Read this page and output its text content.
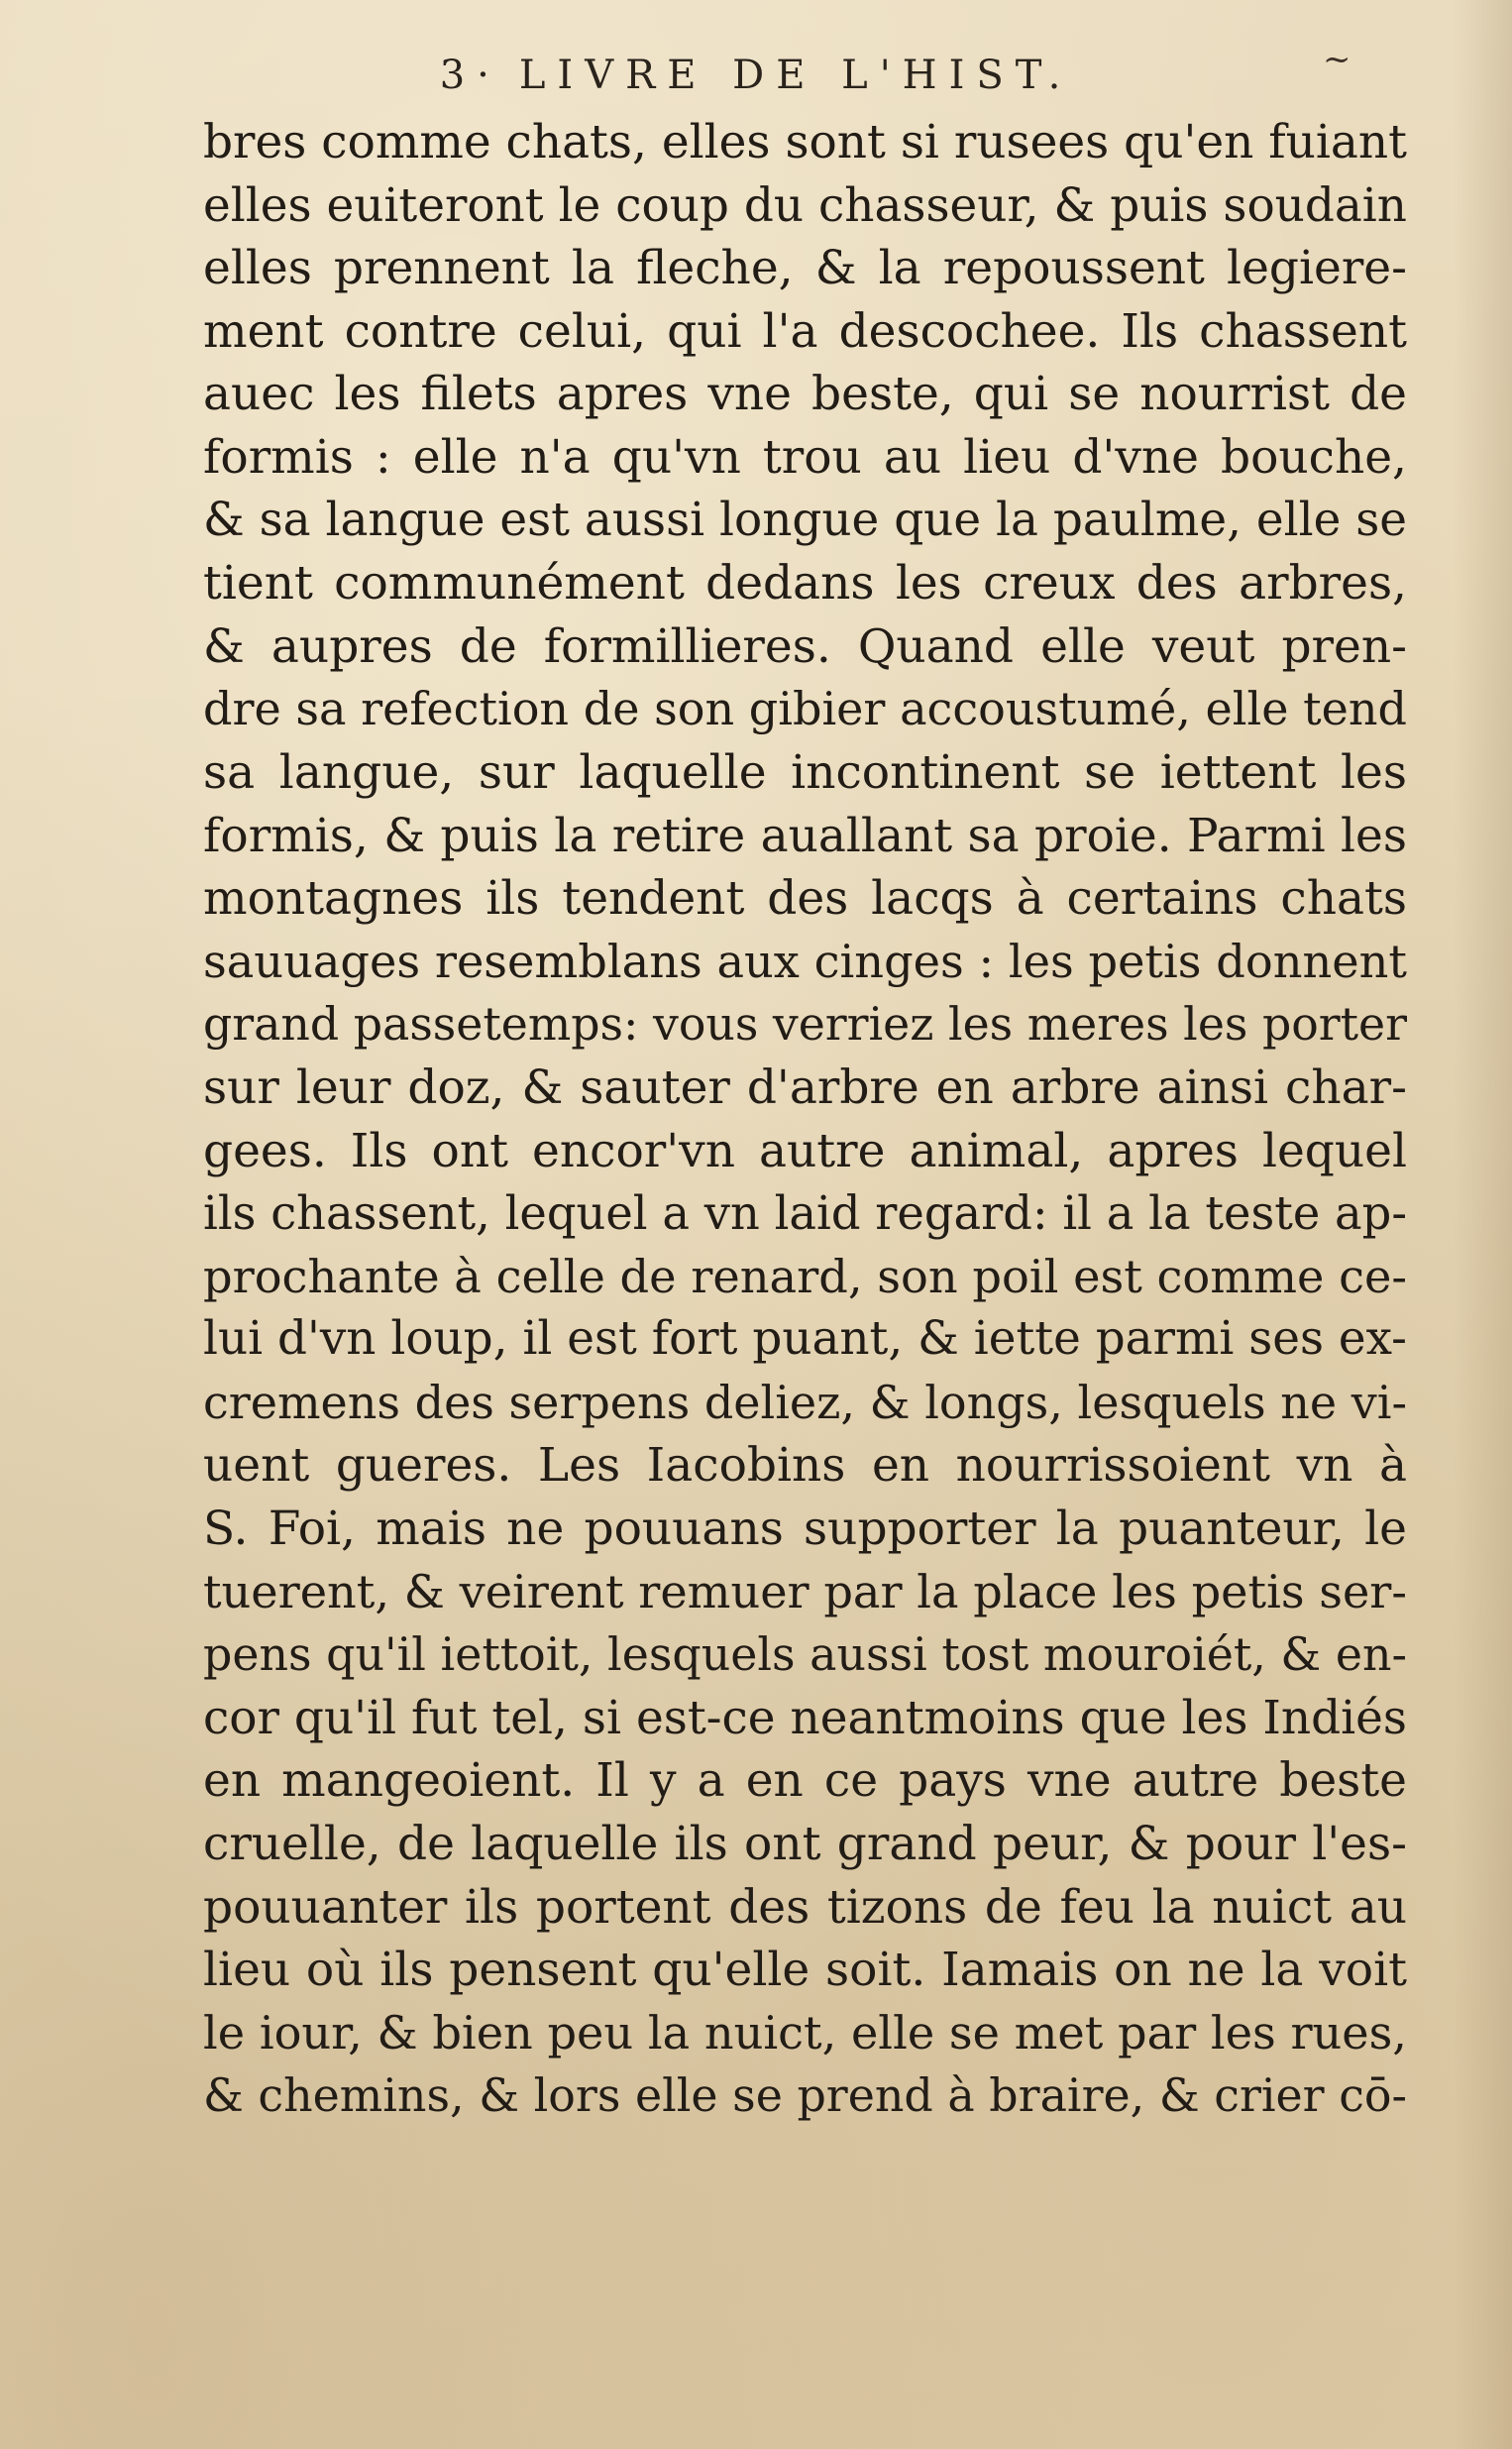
3· LIVRE DE L'HIST.	~
bres comme chats, elles sont si rusees qu'en fuiant
elles euiteront le coup du chasseur, & puis soudain
elles prennent la fleche, & la repoussent legiere-
ment contre celui, qui l'a descochee. Ils chassent
auec les filets apres vne beste, qui se nourrist de
formis : elle n'a qu'vn trou au lieu d'vne bouche,
& sa langue est aussi longue que la paulme, elle se
tient communément dedans les creux des arbres,
& aupres de formillieres. Quand elle veut pren-
dre sa refection de son gibier accoustumé, elle tend
sa langue, sur laquelle incontinent se iettent les
formis, & puis la retire auallant sa proie. Parmi les
montagnes ils tendent des lacqs à certains chats
sauuages resemblans aux cinges : les petis donnent
grand passetemps: vous verriez les meres les porter
sur leur doz, & sauter d'arbre en arbre ainsi char-
gees. Ils ont encor'vn autre animal, apres lequel
ils chassent, lequel a vn laid regard: il a la teste ap-
prochante à celle de renard, son poil est comme ce-
lui d'vn loup, il est fort puant, & iette parmi ses ex-
cremens des serpens deliez, & longs, lesquels ne vi-
uent gueres. Les Iacobins en nourrissoient vn à
S. Foi, mais ne pouuans supporter la puanteur, le
tuerent, & veirent remuer par la place les petis ser-
pens qu'il iettoit, lesquels aussi tost mouroiét, & en-
cor qu'il fut tel, si est-ce neantmoins que les Indiés
en mangeoient. Il y a en ce pays vne autre beste
cruelle, de laquelle ils ont grand peur, & pour l'es-
pouuanter ils portent des tizons de feu la nuict au
lieu où ils pensent qu'elle soit. Iamais on ne la voit
le iour, & bien peu la nuict, elle se met par les rues,
& chemins, & lors elle se prend à braire, & crier cō-
